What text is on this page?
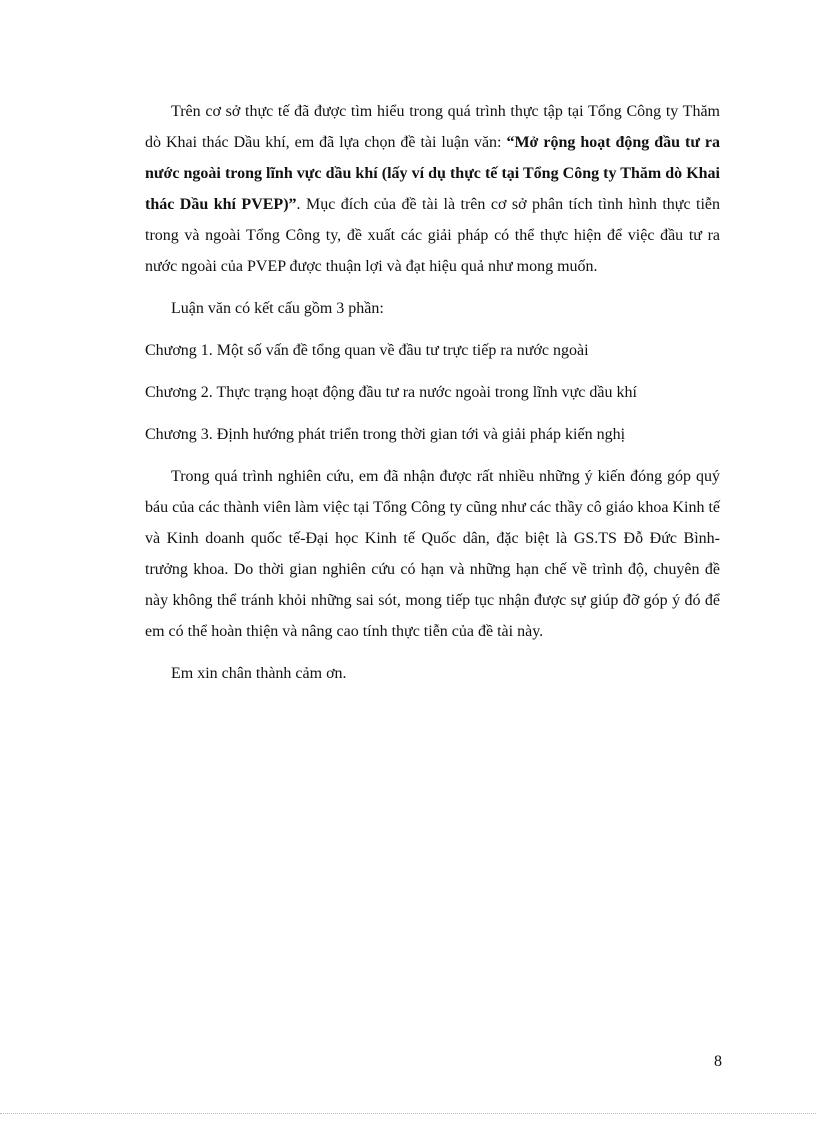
Trên cơ sở thực tế đã được tìm hiểu trong quá trình thực tập tại Tổng Công ty Thăm dò Khai thác Dầu khí, em đã lựa chọn đề tài luận văn: “Mở rộng hoạt động đầu tư ra nước ngoài trong lĩnh vực dầu khí (lấy ví dụ thực tế tại Tổng Công ty Thăm dò Khai thác Dầu khí PVEP)”. Mục đích của đề tài là trên cơ sở phân tích tình hình thực tiễn trong và ngoài Tổng Công ty, đề xuất các giải pháp có thể thực hiện để việc đầu tư ra nước ngoài của PVEP được thuận lợi và đạt hiệu quả như mong muốn.

Luận văn có kết cấu gồm 3 phần:

Chương 1. Một số vấn đề tổng quan về đầu tư trực tiếp ra nước ngoài

Chương 2. Thực trạng hoạt động đầu tư ra nước ngoài trong lĩnh vực dầu khí

Chương 3. Định hướng phát triển trong thời gian tới và giải pháp kiến nghị

Trong quá trình nghiên cứu, em đã nhận được rất nhiều những ý kiến đóng góp quý báu của các thành viên làm việc tại Tổng Công ty cũng như các thầy cô giáo khoa Kinh tế và Kinh doanh quốc tế-Đại học Kinh tế Quốc dân, đặc biệt là GS.TS Đỗ Đức Bình-trưởng khoa. Do thời gian nghiên cứu có hạn và những hạn chế về trình độ, chuyên đề này không thể tránh khỏi những sai sót, mong tiếp tục nhận được sự giúp đỡ góp ý đó để em có thể hoàn thiện và nâng cao tính thực tiễn của đề tài này.

Em xin chân thành cảm ơn.

8
